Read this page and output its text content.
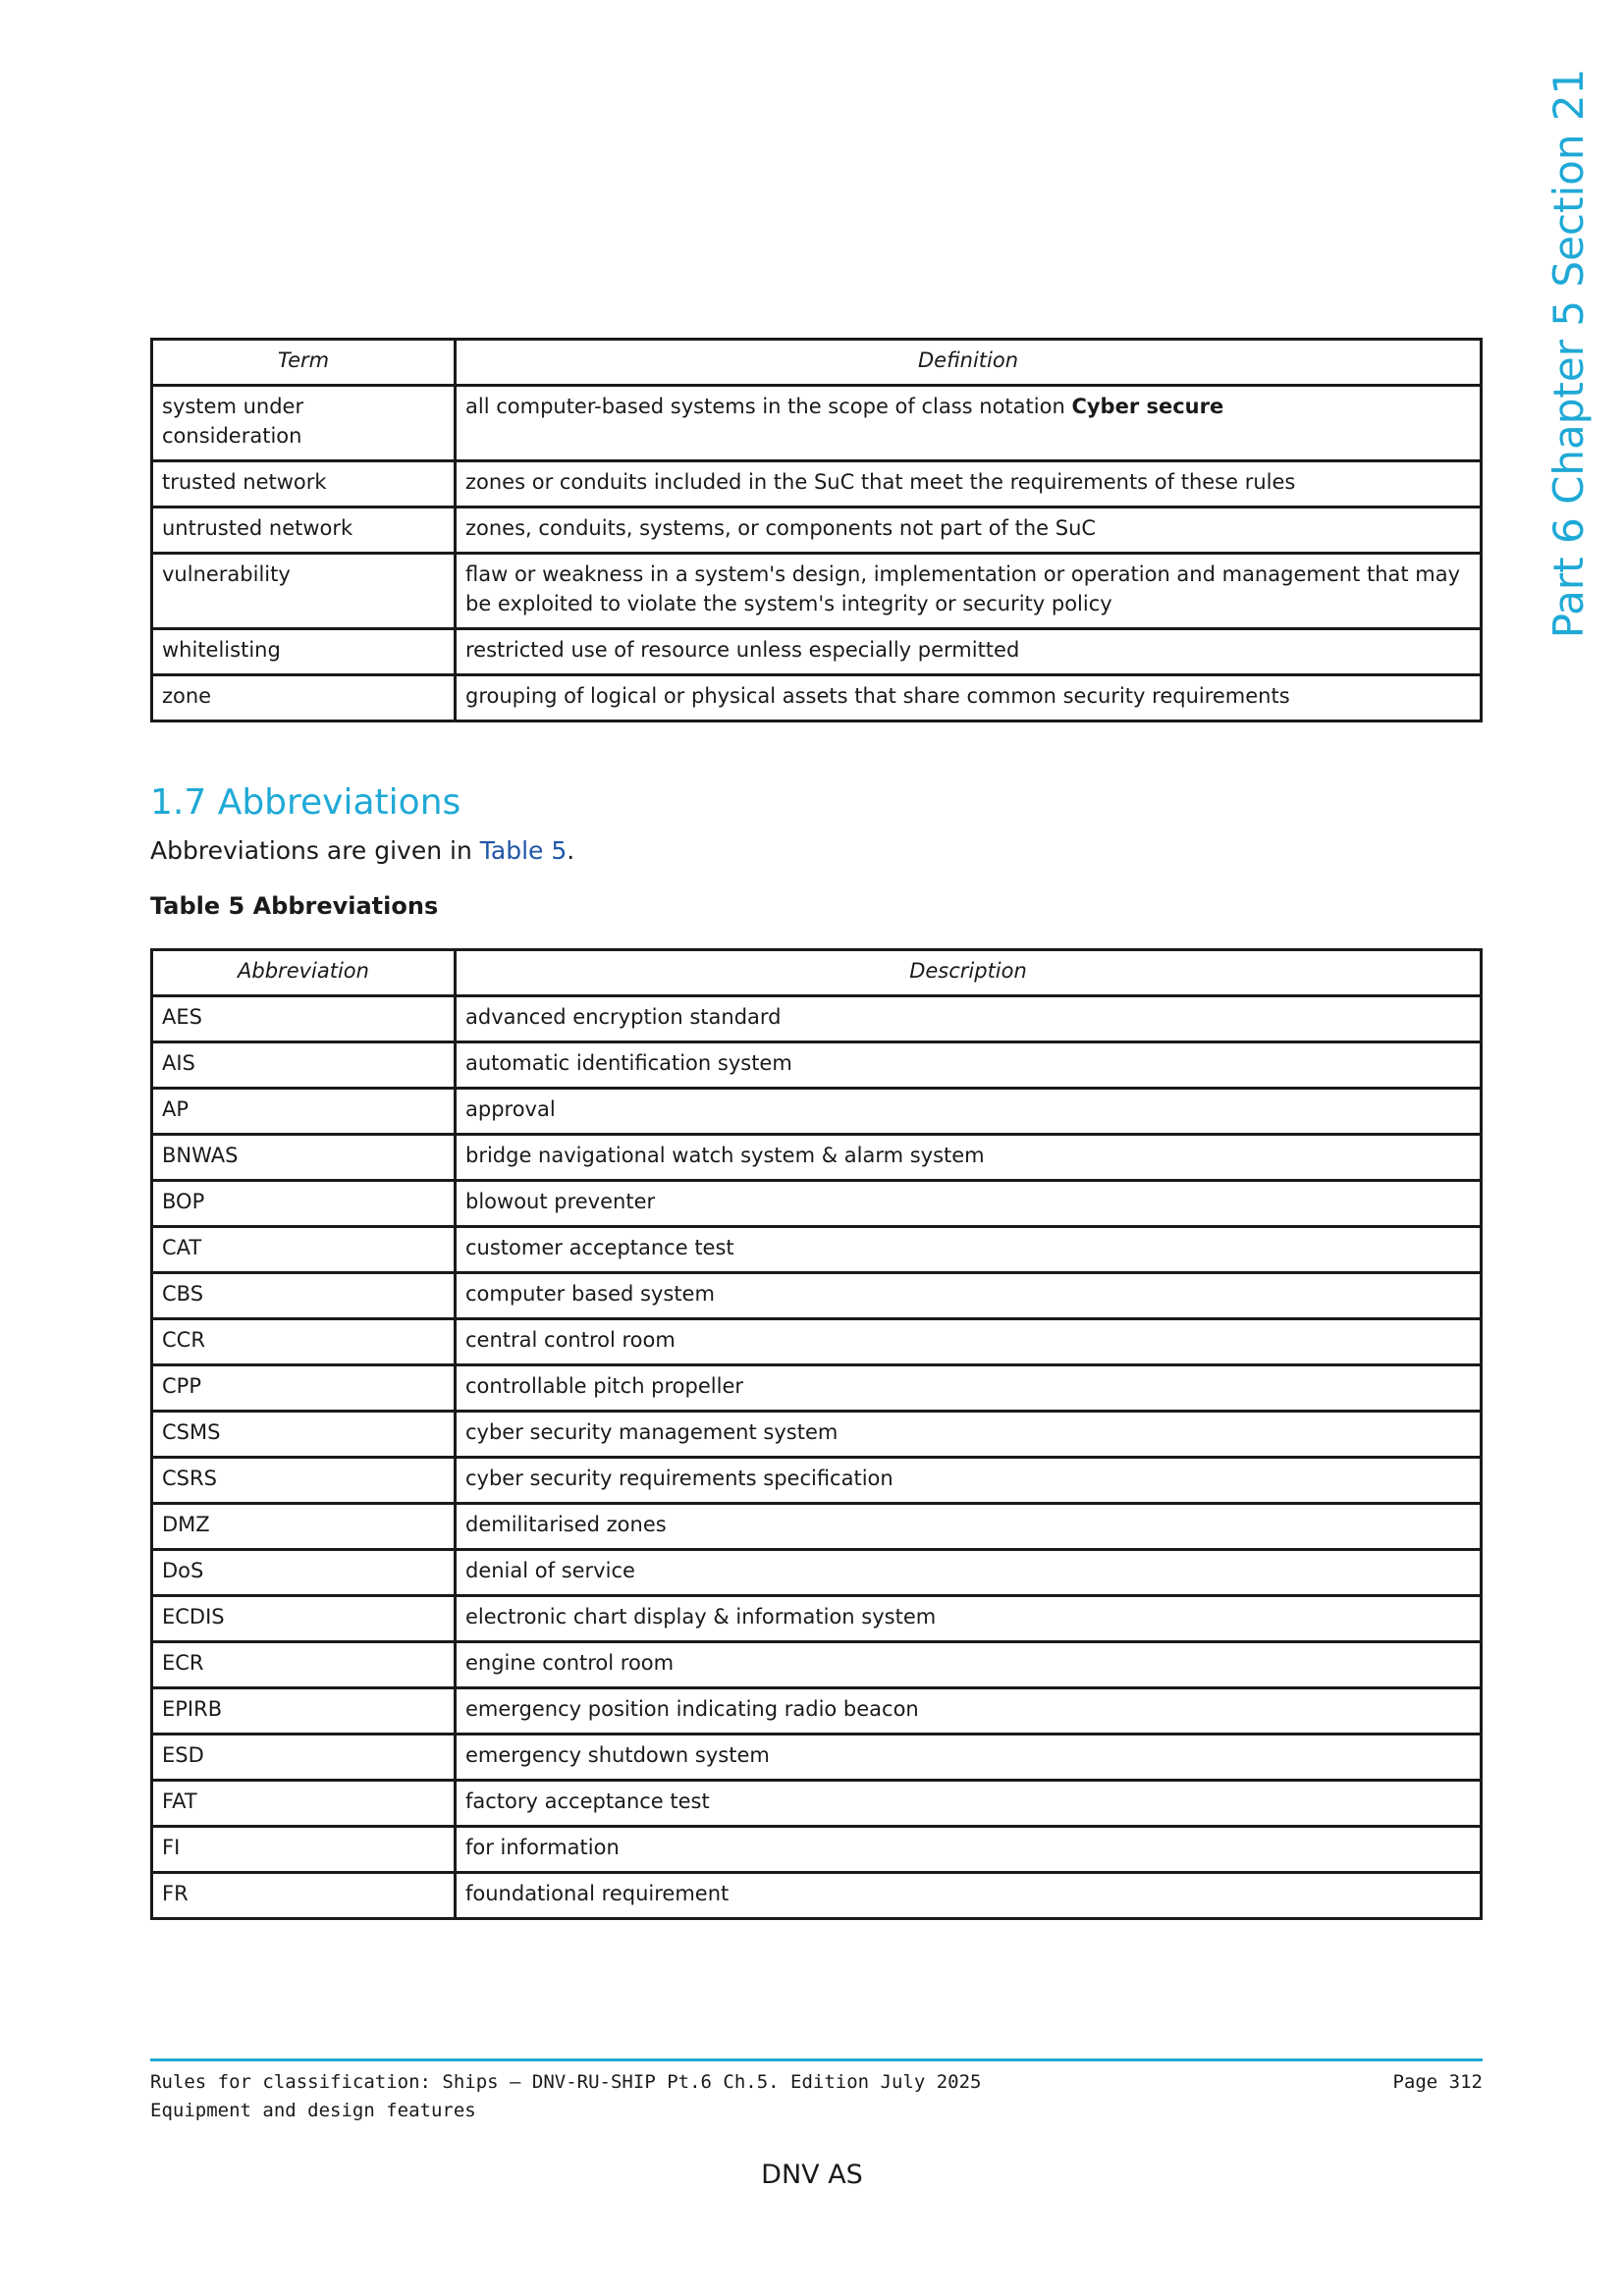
Part 6 Chapter 5 Section 21
Term	Definition
system under consideration	all computer-based systems in the scope of class notation Cyber secure
trusted network	zones or conduits included in the SuC that meet the requirements of these rules
untrusted network	zones, conduits, systems, or components not part of the SuC
vulnerability	flaw or weakness in a system's design, implementation or operation and management that may be exploited to violate the system's integrity or security policy
whitelisting	restricted use of resource unless especially permitted
zone	grouping of logical or physical assets that share common security requirements
1.7 Abbreviations
Abbreviations are given in Table 5.
Table 5 Abbreviations
Abbreviation	Description
AES	advanced encryption standard
AIS	automatic identification system
AP	approval
BNWAS	bridge navigational watch system & alarm system
BOP	blowout preventer
CAT	customer acceptance test
CBS	computer based system
CCR	central control room
CPP	controllable pitch propeller
CSMS	cyber security management system
CSRS	cyber security requirements specification
DMZ	demilitarised zones
DoS	denial of service
ECDIS	electronic chart display & information system
ECR	engine control room
EPIRB	emergency position indicating radio beacon
ESD	emergency shutdown system
FAT	factory acceptance test
FI	for information
FR	foundational requirement
Rules for classification: Ships — DNV-RU-SHIP Pt.6 Ch.5. Edition July 2025	Page 312
Equipment and design features
DNV AS
